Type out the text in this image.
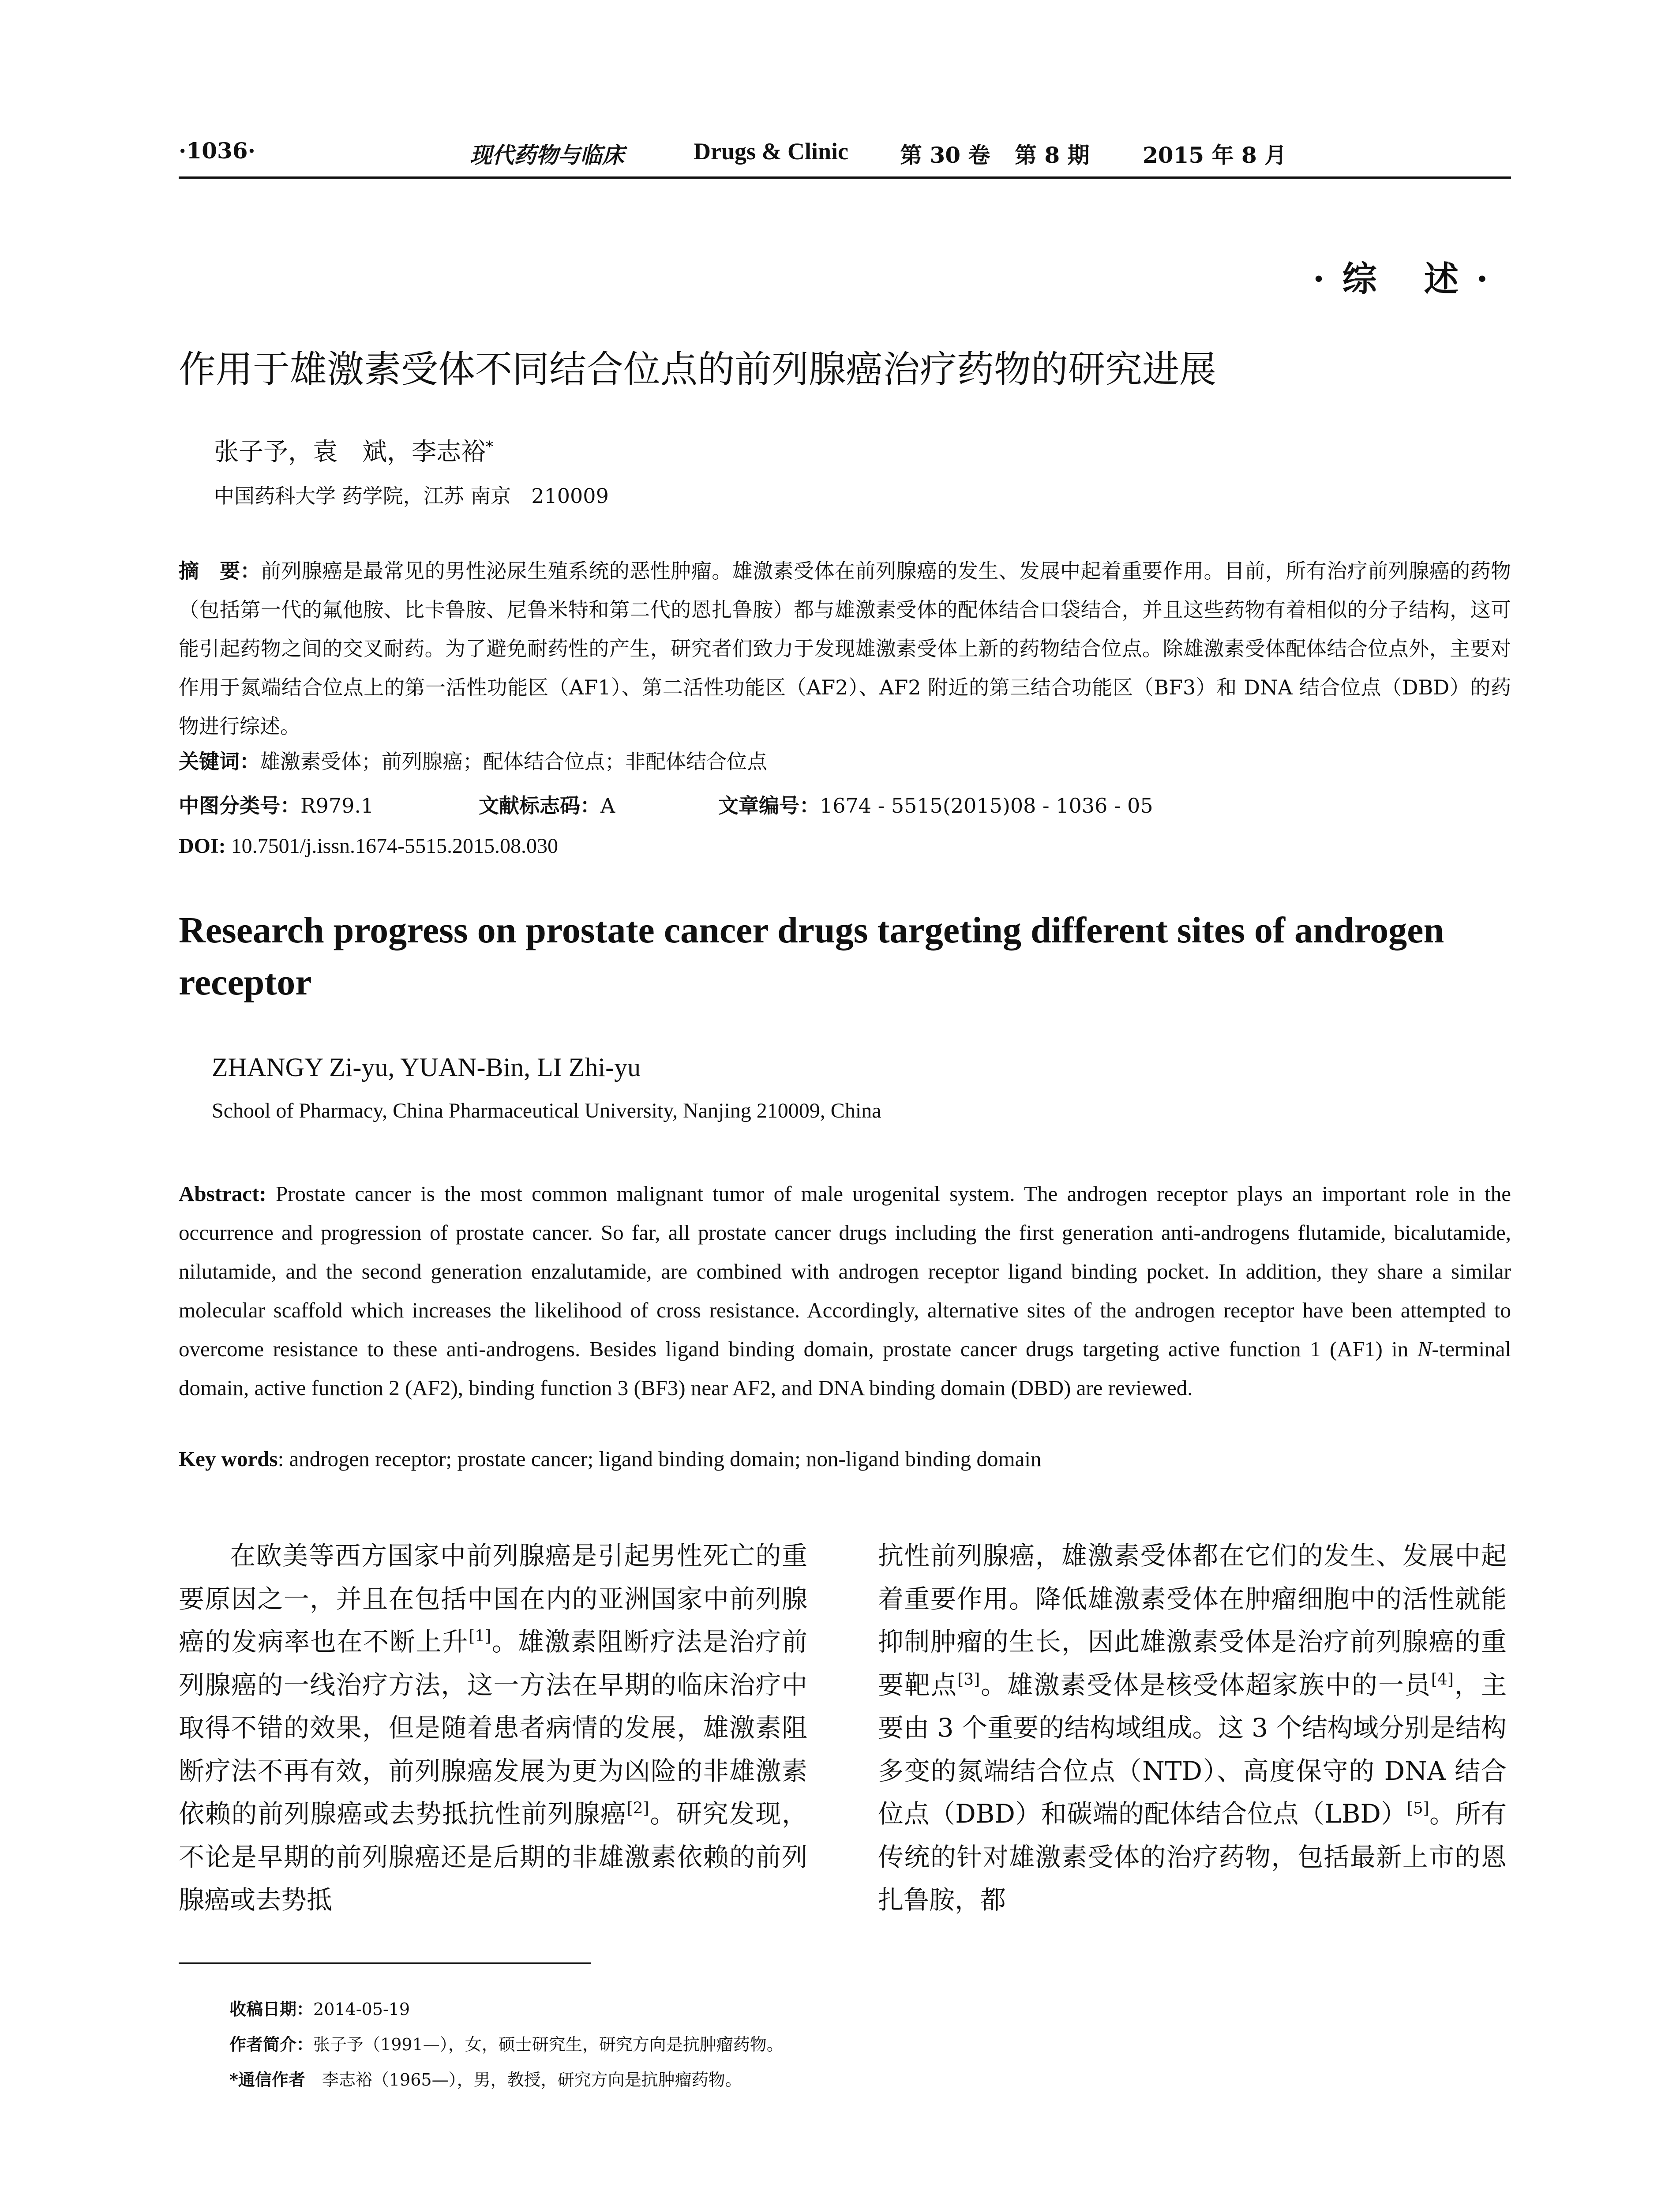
·1036·	现代药物与临床	Drugs & Clinic 第 30 卷 第 8 期 2015 年 8 月
·综 述·
作用于雄激素受体不同结合位点的前列腺癌治疗药物的研究进展
张子予，袁　斌，李志裕*
中国药科大学 药学院，江苏 南京　210009
摘　要：前列腺癌是最常见的男性泌尿生殖系统的恶性肿瘤。雄激素受体在前列腺癌的发生、发展中起着重要作用。目前，所有治疗前列腺癌的药物（包括第一代的氟他胺、比卡鲁胺、尼鲁米特和第二代的恩扎鲁胺）都与雄激素受体的配体结合口袋结合，并且这些药物有着相似的分子结构，这可能引起药物之间的交叉耐药。为了避免耐药性的产生，研究者们致力于发现雄激素受体上新的药物结合位点。除雄激素受体配体结合位点外，主要对作用于氮端结合位点上的第一活性功能区（AF1）、第二活性功能区（AF2）、AF2 附近的第三结合功能区（BF3）和 DNA 结合位点（DBD）的药物进行综述。
关键词：雄激素受体；前列腺癌；配体结合位点；非配体结合位点
中图分类号：R979.1	文献标志码：A	文章编号：1674 - 5515(2015)08 - 1036 - 05
DOI: 10.7501/j.issn.1674-5515.2015.08.030
Research progress on prostate cancer drugs targeting different sites of androgen receptor
ZHANGY Zi-yu, YUAN-Bin, LI Zhi-yu
School of Pharmacy, China Pharmaceutical University, Nanjing 210009, China
Abstract: Prostate cancer is the most common malignant tumor of male urogenital system. The androgen receptor plays an important role in the occurrence and progression of prostate cancer. So far, all prostate cancer drugs including the first generation anti-androgens flutamide, bicalutamide, nilutamide, and the second generation enzalutamide, are combined with androgen receptor ligand binding pocket. In addition, they share a similar molecular scaffold which increases the likelihood of cross resistance. Accordingly, alternative sites of the androgen receptor have been attempted to overcome resistance to these anti-androgens. Besides ligand binding domain, prostate cancer drugs targeting active function 1 (AF1) in N-terminal domain, active function 2 (AF2), binding function 3 (BF3) near AF2, and DNA binding domain (DBD) are reviewed.
Key words: androgen receptor; prostate cancer; ligand binding domain; non-ligand binding domain
在欧美等西方国家中前列腺癌是引起男性死亡的重要原因之一，并且在包括中国在内的亚洲国家中前列腺癌的发病率也在不断上升[1]。雄激素阻断疗法是治疗前列腺癌的一线治疗方法，这一方法在早期的临床治疗中取得不错的效果，但是随着患者病情的发展，雄激素阻断疗法不再有效，前列腺癌发展为更为凶险的非雄激素依赖的前列腺癌或去势抵抗性前列腺癌[2]。研究发现，不论是早期的前列腺癌还是后期的非雄激素依赖的前列腺癌或去势抵
抗性前列腺癌，雄激素受体都在它们的发生、发展中起着重要作用。降低雄激素受体在肿瘤细胞中的活性就能抑制肿瘤的生长，因此雄激素受体是治疗前列腺癌的重要靶点[3]。雄激素受体是核受体超家族中的一员[4]，主要由 3 个重要的结构域组成。这 3 个结构域分别是结构多变的氮端结合位点（NTD）、高度保守的 DNA 结合位点（DBD）和碳端的配体结合位点（LBD）[5]。所有传统的针对雄激素受体的治疗药物，包括最新上市的恩扎鲁胺，都
收稿日期：2014-05-19
作者简介：张子予（1991—），女，硕士研究生，研究方向是抗肿瘤药物。
*通信作者　李志裕（1965—），男，教授，研究方向是抗肿瘤药物。
